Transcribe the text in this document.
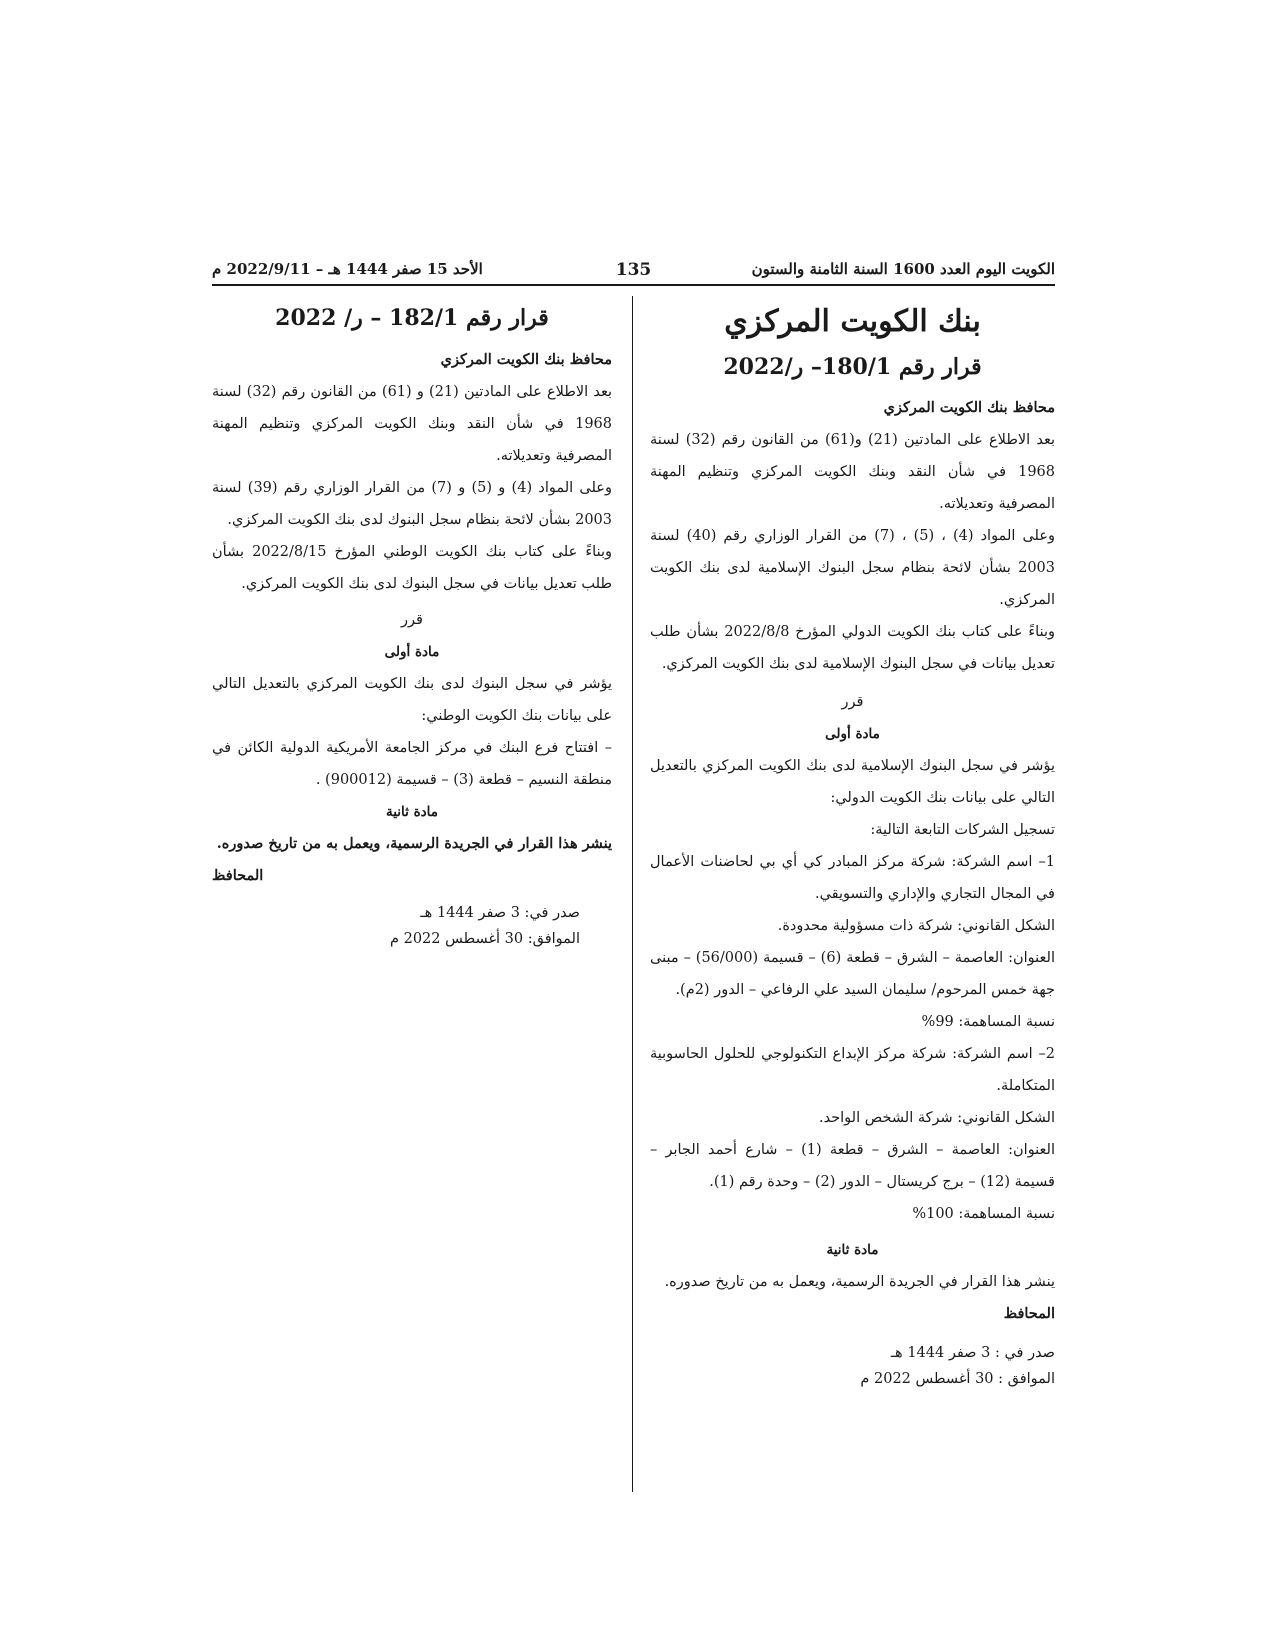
الكويت اليوم العدد 1600 السنة الثامنة والستون
135
الأحد 15 صفر 1444 هـ – 2022/9/11 م

بنك الكويت المركزي

قرار رقم 180/1– ر/2022

محافظ بنك الكويت المركزي

بعد الاطلاع على المادتين (21) و(61) من القانون رقم (32) لسنة 1968 في شأن النقد وبنك الكويت المركزي وتنظيم المهنة المصرفية وتعديلاته.

وعلى المواد (4) ، (5) ، (7) من القرار الوزاري رقم (40) لسنة 2003 بشأن لائحة بنظام سجل البنوك الإسلامية لدى بنك الكويت المركزي.

وبناءً على كتاب بنك الكويت الدولي المؤرخ 2022/8/8 بشأن طلب تعديل بيانات في سجل البنوك الإسلامية لدى بنك الكويت المركزي.

قرر

مادة أولى

يؤشر في سجل البنوك الإسلامية لدى بنك الكويت المركزي بالتعديل التالي على بيانات بنك الكويت الدولي:

تسجيل الشركات التابعة التالية:

1– اسم الشركة: شركة مركز المبادر كي أي بي لحاضنات الأعمال في المجال التجاري والإداري والتسويقي.

الشكل القانوني: شركة ذات مسؤولية محدودة.

العنوان: العاصمة – الشرق – قطعة (6) – قسيمة (56/000) – مبنى جهة خمس المرحوم/ سليمان السيد علي الرفاعي – الدور (2م).

نسبة المساهمة: 99%

2– اسم الشركة: شركة مركز الإبداع التكنولوجي للحلول الحاسوبية المتكاملة.

الشكل القانوني: شركة الشخص الواحد.

العنوان: العاصمة – الشرق – قطعة (1) – شارع أحمد الجابر – قسيمة (12) – برج كريستال – الدور (2) – وحدة رقم (1).

نسبة المساهمة: 100%

مادة ثانية

ينشر هذا القرار في الجريدة الرسمية، ويعمل به من تاريخ صدوره.

المحافظ

صدر في : 3 صفر 1444 هـ

الموافق : 30 أغسطس 2022 م

قرار رقم 182/1 – ر/ 2022

محافظ بنك الكويت المركزي

بعد الاطلاع على المادتين (21) و (61) من القانون رقم (32) لسنة 1968 في شأن النقد وبنك الكويت المركزي وتنظيم المهنة المصرفية وتعديلاته.

وعلى المواد (4) و (5) و (7) من القرار الوزاري رقم (39) لسنة 2003 بشأن لائحة بنظام سجل البنوك لدى بنك الكويت المركزي.

وبناءً على كتاب بنك الكويت الوطني المؤرخ 2022/8/15 بشأن طلب تعديل بيانات في سجل البنوك لدى بنك الكويت المركزي.

قرر

مادة أولى

يؤشر في سجل البنوك لدى بنك الكويت المركزي بالتعديل التالي على بيانات بنك الكويت الوطني:

– افتتاح فرع البنك في مركز الجامعة الأمريكية الدولية الكائن في منطقة النسيم – قطعة (3) – قسيمة (900012) .

مادة ثانية

ينشر هذا القرار في الجريدة الرسمية، ويعمل به من تاريخ صدوره.

المحافظ

صدر في: 3 صفر 1444 هـ

الموافق: 30 أغسطس 2022 م
